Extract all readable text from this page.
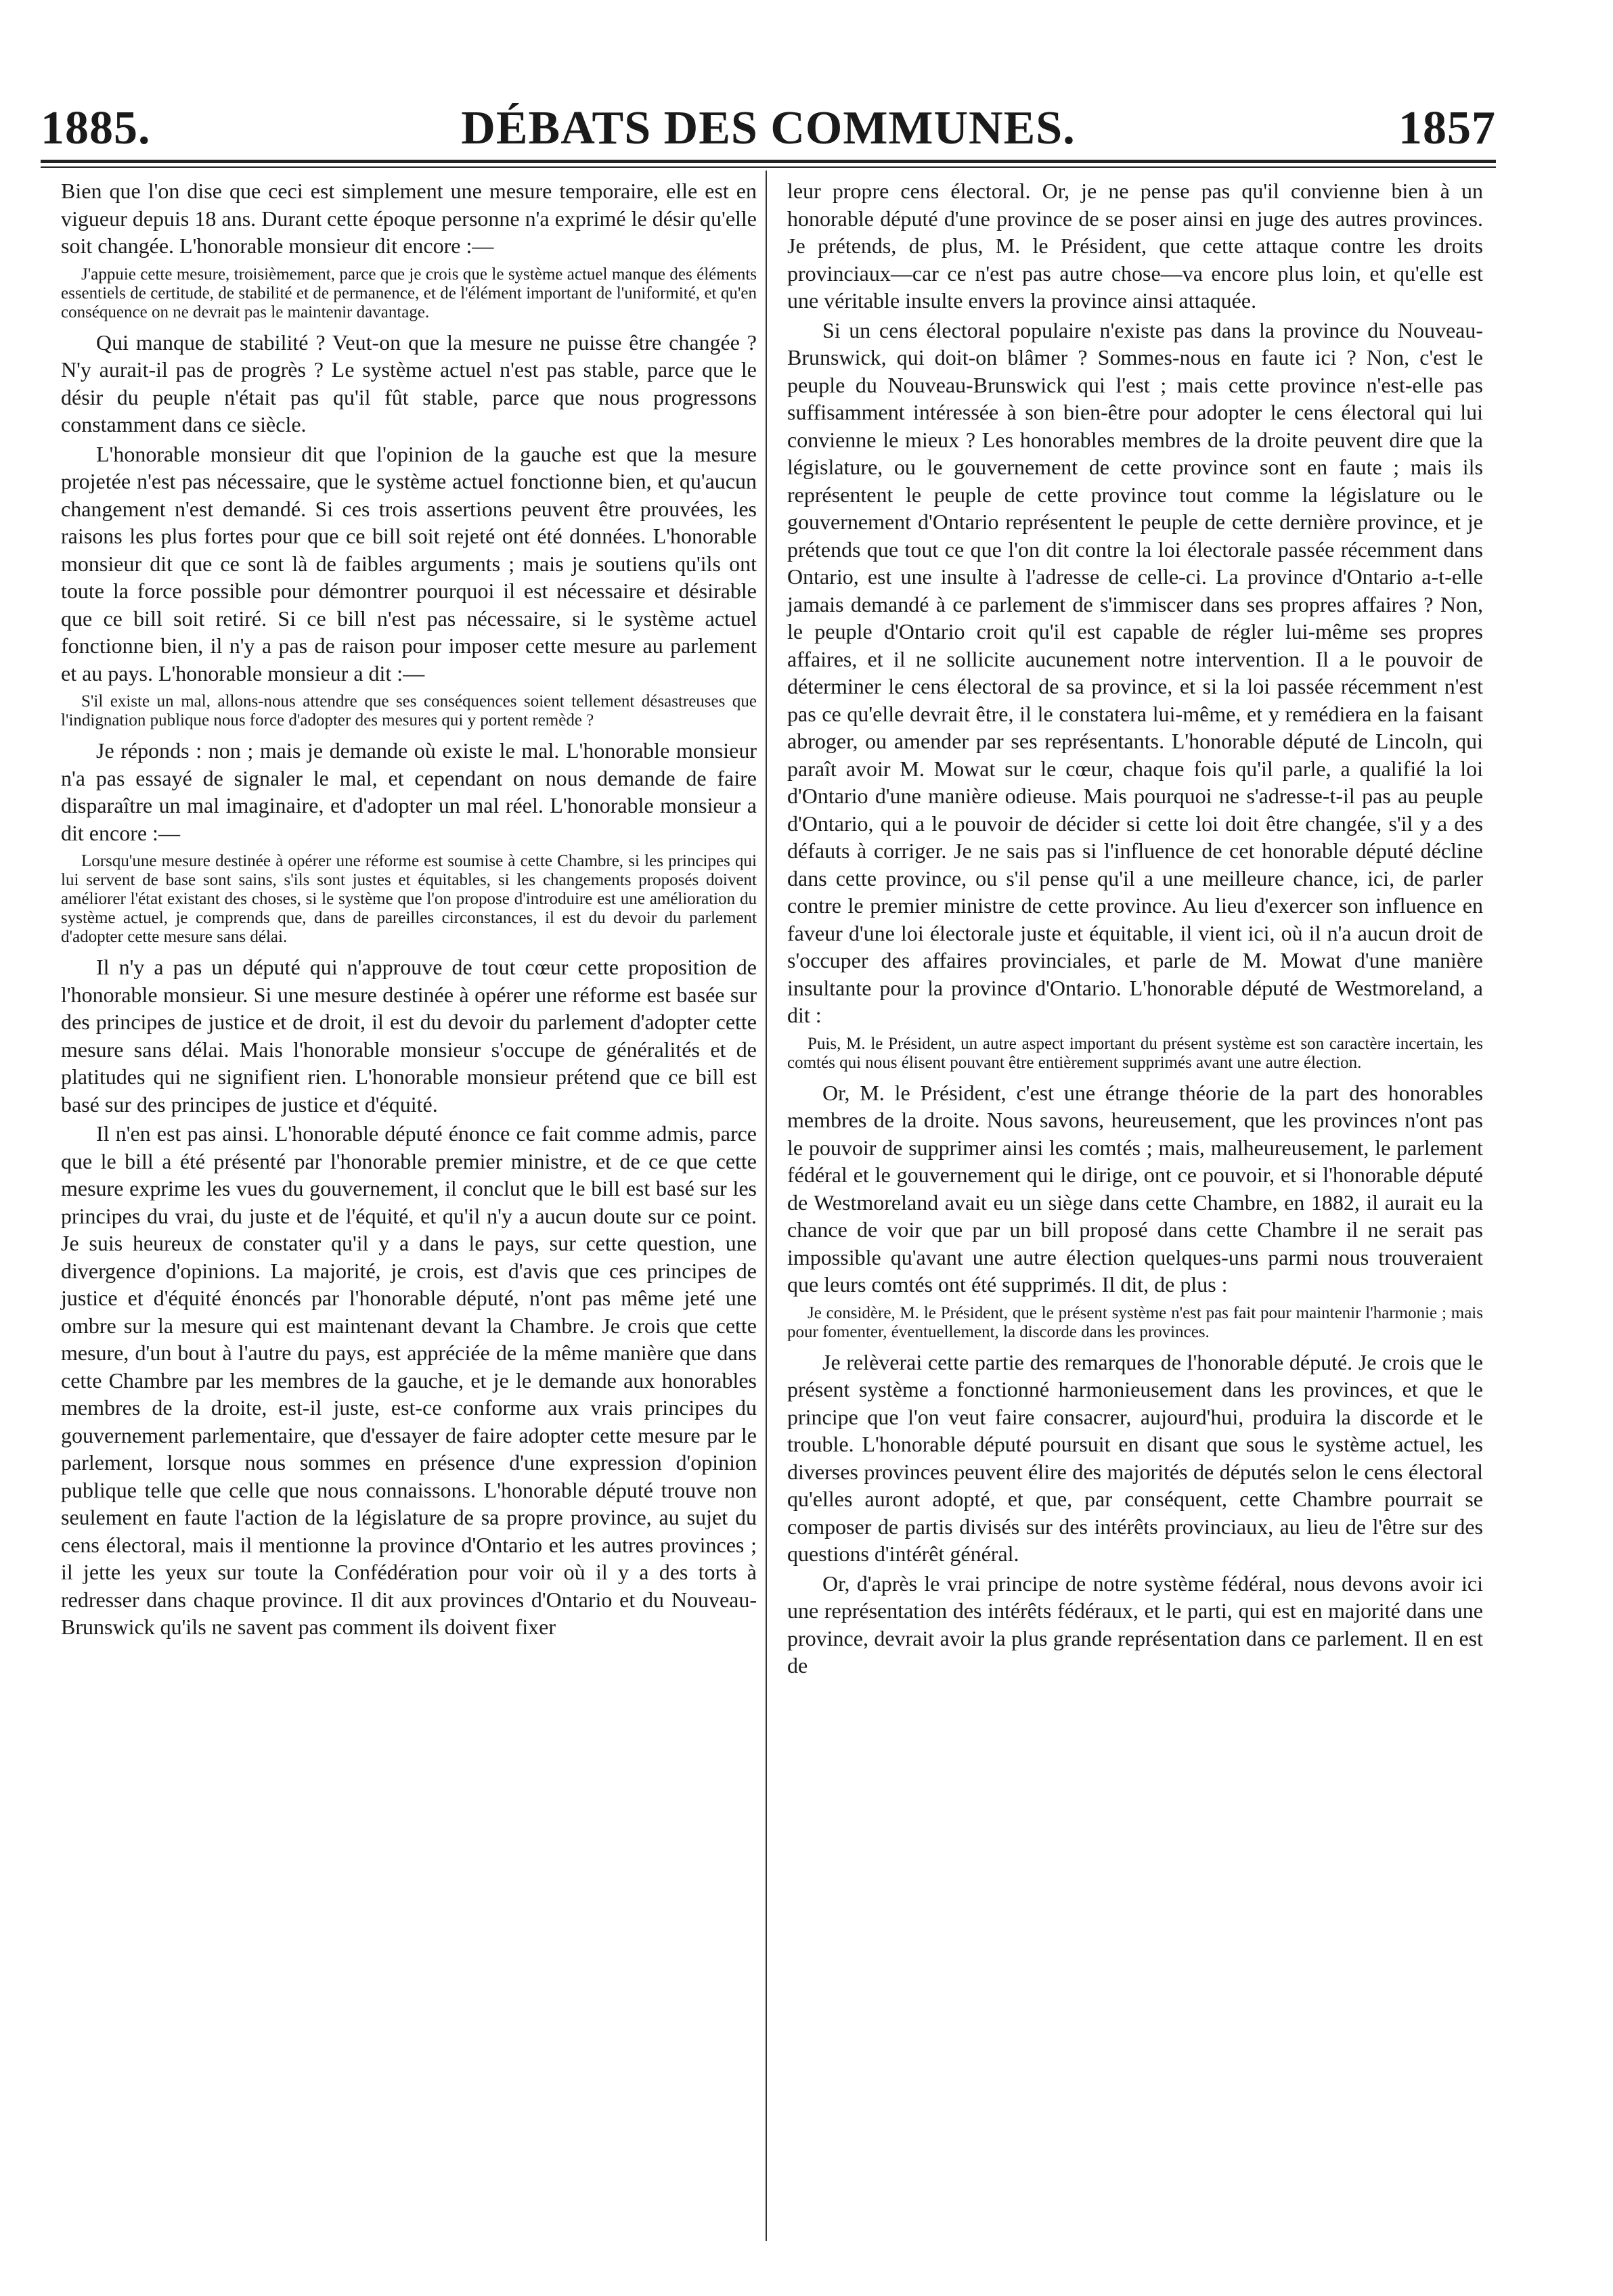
1885.	DÉBATS DES COMMUNES.	1857

Bien que l'on dise que ceci est simplement une mesure temporaire, elle est en vigueur depuis 18 ans. Durant cette époque personne n'a exprimé le désir qu'elle soit changée. L'honorable monsieur dit encore :—

J'appuie cette mesure, troisièmement, parce que je crois que le système actuel manque des éléments essentiels de certitude, de stabilité et de permanence, et de l'élément important de l'uniformité, et qu'en conséquence on ne devrait pas le maintenir davantage.

Qui manque de stabilité ? Veut-on que la mesure ne puisse être changée ? N'y aurait-il pas de progrès ? Le système actuel n'est pas stable, parce que le désir du peuple n'était pas qu'il fût stable, parce que nous progressons constamment dans ce siècle.

L'honorable monsieur dit que l'opinion de la gauche est que la mesure projetée n'est pas nécessaire, que le système actuel fonctionne bien, et qu'aucun changement n'est demandé. Si ces trois assertions peuvent être prouvées, les raisons les plus fortes pour que ce bill soit rejeté ont été données. L'honorable monsieur dit que ce sont là de faibles arguments ; mais je soutiens qu'ils ont toute la force possible pour démontrer pourquoi il est nécessaire et désirable que ce bill soit retiré. Si ce bill n'est pas nécessaire, si le système actuel fonctionne bien, il n'y a pas de raison pour imposer cette mesure au parlement et au pays. L'honorable monsieur a dit :—

S'il existe un mal, allons-nous attendre que ses conséquences soient tellement désastreuses que l'indignation publique nous force d'adopter des mesures qui y portent remède ?

Je réponds : non ; mais je demande où existe le mal. L'honorable monsieur n'a pas essayé de signaler le mal, et cependant on nous demande de faire disparaître un mal imaginaire, et d'adopter un mal réel. L'honorable monsieur a dit encore :—

Lorsqu'une mesure destinée à opérer une réforme est soumise à cette Chambre, si les principes qui lui servent de base sont sains, s'ils sont justes et équitables, si les changements proposés doivent améliorer l'état existant des choses, si le système que l'on propose d'introduire est une amélioration du système actuel, je comprends que, dans de pareilles circonstances, il est du devoir du parlement d'adopter cette mesure sans délai.

Il n'y a pas un député qui n'approuve de tout cœur cette proposition de l'honorable monsieur. Si une mesure destinée à opérer une réforme est basée sur des principes de justice et de droit, il est du devoir du parlement d'adopter cette mesure sans délai. Mais l'honorable monsieur s'occupe de généralités et de platitudes qui ne signifient rien. L'honorable monsieur prétend que ce bill est basé sur des principes de justice et d'équité.

Il n'en est pas ainsi. L'honorable député énonce ce fait comme admis, parce que le bill a été présenté par l'honorable premier ministre, et de ce que cette mesure exprime les vues du gouvernement, il conclut que le bill est basé sur les principes du vrai, du juste et de l'équité, et qu'il n'y a aucun doute sur ce point. Je suis heureux de constater qu'il y a dans le pays, sur cette question, une divergence d'opinions. La majorité, je crois, est d'avis que ces principes de justice et d'équité énoncés par l'honorable député, n'ont pas même jeté une ombre sur la mesure qui est maintenant devant la Chambre. Je crois que cette mesure, d'un bout à l'autre du pays, est appréciée de la même manière que dans cette Chambre par les membres de la gauche, et je le demande aux honorables membres de la droite, est-il juste, est-ce conforme aux vrais principes du gouvernement parlementaire, que d'essayer de faire adopter cette mesure par le parlement, lorsque nous sommes en présence d'une expression d'opinion publique telle que celle que nous connaissons. L'honorable député trouve non seulement en faute l'action de la législature de sa propre province, au sujet du cens électoral, mais il mentionne la province d'Ontario et les autres provinces ; il jette les yeux sur toute la Confédération pour voir où il y a des torts à redresser dans chaque province. Il dit aux provinces d'Ontario et du Nouveau-Brunswick qu'ils ne savent pas comment ils doivent fixer

leur propre cens électoral. Or, je ne pense pas qu'il convienne bien à un honorable député d'une province de se poser ainsi en juge des autres provinces. Je prétends, de plus, M. le Président, que cette attaque contre les droits provinciaux—car ce n'est pas autre chose—va encore plus loin, et qu'elle est une véritable insulte envers la province ainsi attaquée.

Si un cens électoral populaire n'existe pas dans la province du Nouveau-Brunswick, qui doit-on blâmer ? Sommes-nous en faute ici ? Non, c'est le peuple du Nouveau-Brunswick qui l'est ; mais cette province n'est-elle pas suffisamment intéressée à son bien-être pour adopter le cens électoral qui lui convienne le mieux ? Les honorables membres de la droite peuvent dire que la législature, ou le gouvernement de cette province sont en faute ; mais ils représentent le peuple de cette province tout comme la législature ou le gouvernement d'Ontario représentent le peuple de cette dernière province, et je prétends que tout ce que l'on dit contre la loi électorale passée récemment dans Ontario, est une insulte à l'adresse de celle-ci. La province d'Ontario a-t-elle jamais demandé à ce parlement de s'immiscer dans ses propres affaires ? Non, le peuple d'Ontario croit qu'il est capable de régler lui-même ses propres affaires, et il ne sollicite aucunement notre intervention. Il a le pouvoir de déterminer le cens électoral de sa province, et si la loi passée récemment n'est pas ce qu'elle devrait être, il le constatera lui-même, et y remédiera en la faisant abroger, ou amender par ses représentants. L'honorable député de Lincoln, qui paraît avoir M. Mowat sur le cœur, chaque fois qu'il parle, a qualifié la loi d'Ontario d'une manière odieuse. Mais pourquoi ne s'adresse-t-il pas au peuple d'Ontario, qui a le pouvoir de décider si cette loi doit être changée, s'il y a des défauts à corriger. Je ne sais pas si l'influence de cet honorable député décline dans cette province, ou s'il pense qu'il a une meilleure chance, ici, de parler contre le premier ministre de cette province. Au lieu d'exercer son influence en faveur d'une loi électorale juste et équitable, il vient ici, où il n'a aucun droit de s'occuper des affaires provinciales, et parle de M. Mowat d'une manière insultante pour la province d'Ontario. L'honorable député de Westmoreland, a dit :

Puis, M. le Président, un autre aspect important du présent système est son caractère incertain, les comtés qui nous élisent pouvant être entièrement supprimés avant une autre élection.

Or, M. le Président, c'est une étrange théorie de la part des honorables membres de la droite. Nous savons, heureusement, que les provinces n'ont pas le pouvoir de supprimer ainsi les comtés ; mais, malheureusement, le parlement fédéral et le gouvernement qui le dirige, ont ce pouvoir, et si l'honorable député de Westmoreland avait eu un siège dans cette Chambre, en 1882, il aurait eu la chance de voir que par un bill proposé dans cette Chambre il ne serait pas impossible qu'avant une autre élection quelques-uns parmi nous trouveraient que leurs comtés ont été supprimés. Il dit, de plus :

Je considère, M. le Président, que le présent système n'est pas fait pour maintenir l'harmonie ; mais pour fomenter, éventuellement, la discorde dans les provinces.

Je relèverai cette partie des remarques de l'honorable député. Je crois que le présent système a fonctionné harmonieusement dans les provinces, et que le principe que l'on veut faire consacrer, aujourd'hui, produira la discorde et le trouble. L'honorable député poursuit en disant que sous le système actuel, les diverses provinces peuvent élire des majorités de députés selon le cens électoral qu'elles auront adopté, et que, par conséquent, cette Chambre pourrait se composer de partis divisés sur des intérêts provinciaux, au lieu de l'être sur des questions d'intérêt général.

Or, d'après le vrai principe de notre système fédéral, nous devons avoir ici une représentation des intérêts fédéraux, et le parti, qui est en majorité dans une province, devrait avoir la plus grande représentation dans ce parlement. Il en est de
